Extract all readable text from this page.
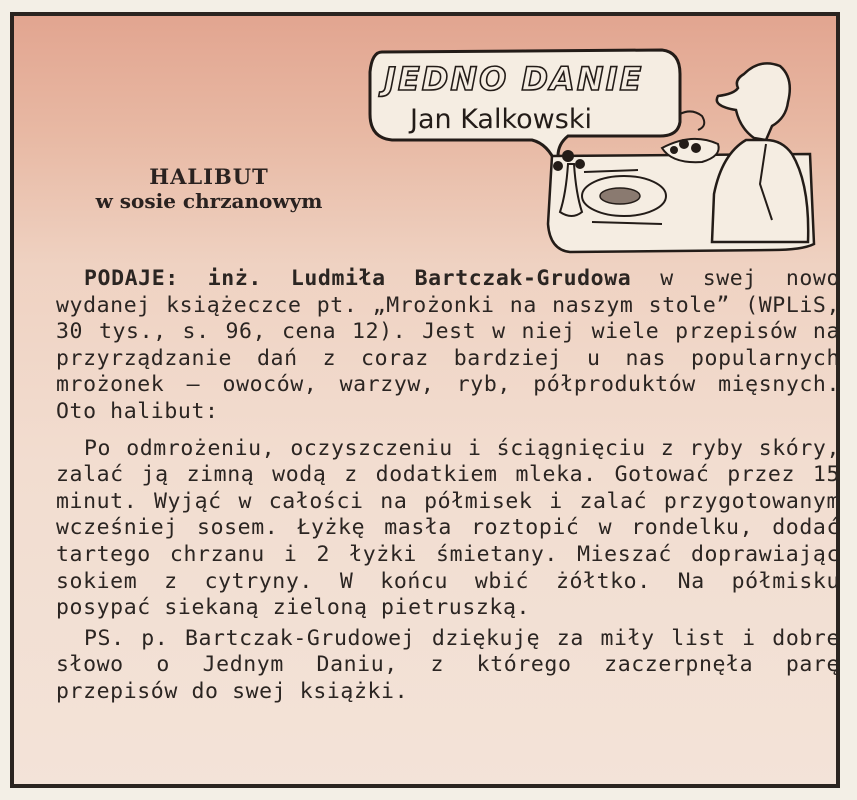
JEDNO DANIE
Jan Kalkowski
HALIBUT
w sosie chrzanowym

PODAJE: inż. Ludmiła Bartczak-Grudowa w swej nowo wydanej książeczce pt. „Mrożonki na naszym stole” (WPLiS, 30 tys., s. 96, cena 12). Jest w niej wiele przepisów na przyrządzanie dań z coraz bardziej u nas popularnych mrożonek — owoców, warzyw, ryb, półproduktów mięsnych. Oto halibut:

Po odmrożeniu, oczyszczeniu i ściągnięciu z ryby skóry, zalać ją zimną wodą z dodatkiem mleka. Gotować przez 15 minut. Wyjąć w całości na półmisek i zalać przygotowanym wcześniej sosem. Łyżkę masła roztopić w rondelku, dodać tartego chrzanu i 2 łyżki śmietany. Mieszać doprawiając sokiem z cytryny. W końcu wbić żółtko. Na półmisku posypać siekaną zieloną pietruszką.

PS. p. Bartczak-Grudowej dziękuję za miły list i dobre słowo o Jednym Daniu, z którego zaczerpnęła parę przepisów do swej książki.
